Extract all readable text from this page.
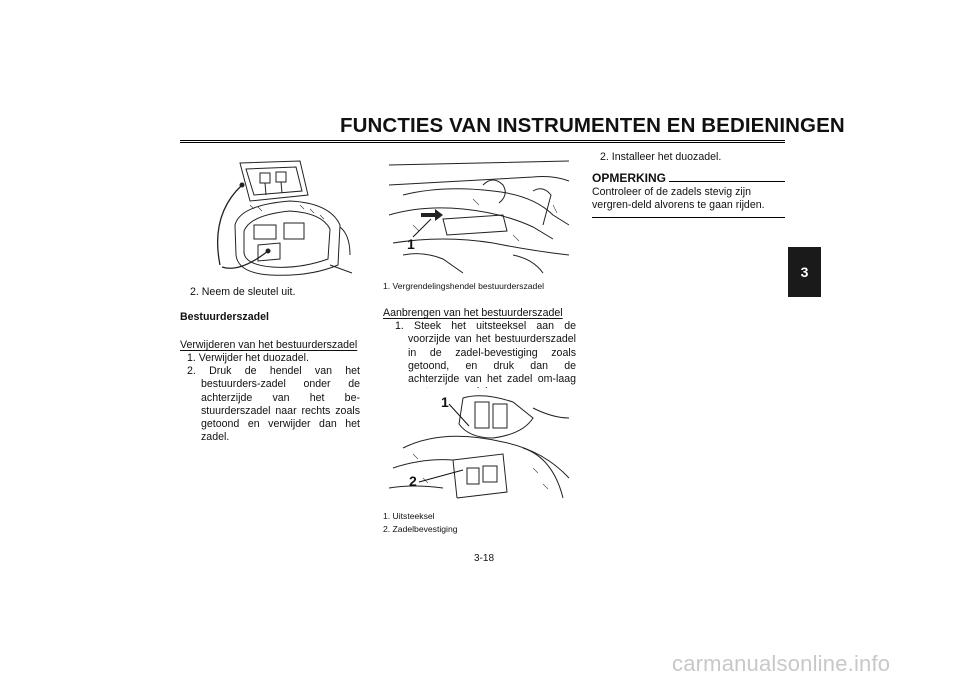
FUNCTIES VAN INSTRUMENTEN EN BEDIENINGEN
3
2. Neem de sleutel uit.
Bestuurderszadel
Verwijderen van het bestuurderszadel
1. Verwijder het duozadel.
2. Druk de hendel van het bestuurders-zadel onder de achterzijde van het be-stuurderszadel naar rechts zoals getoond en verwijder dan het zadel.
1
1. Vergrendelingshendel bestuurderszadel
Aanbrengen van het bestuurderszadel
1. Steek het uitsteeksel aan de voorzijde van het bestuurderszadel in de zadel-bevestiging zoals getoond, en druk dan de achterzijde van het zadel om-laag
1
2
1. Uitsteeksel
2. Zadelbevestiging
2. Installeer het duozadel.
OPMERKING
Controleer of de zadels stevig zijn vergren-deld alvorens te gaan rijden.
3-18
carmanualsonline.info
